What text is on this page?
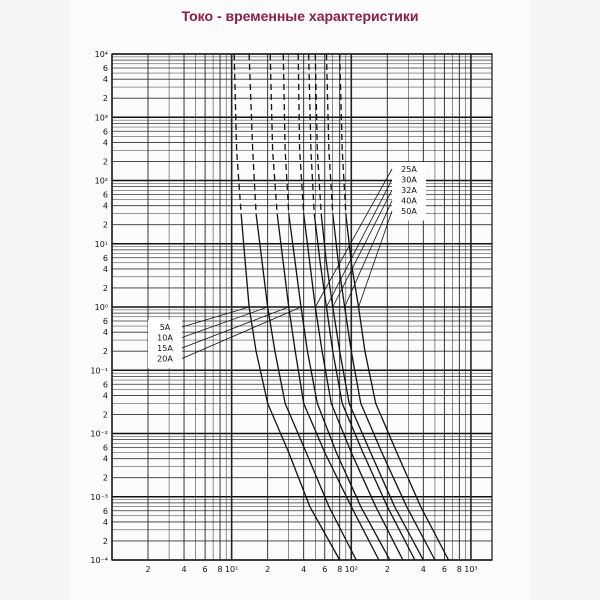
Токо - временные характеристики
10⁴
10³
10²
10¹
10⁰
10⁻¹
10⁻²
10⁻³
10⁻⁴
6
4
2
6
4
2
6
4
2
6
4
2
6
4
2
6
4
2
6
4
2
6
4
2
2	4 6 8 10¹	2	4 6 8 10²	2	4 6 8 10³
25A
30A
32A
40A
50A
5A
10A
15A
20A
